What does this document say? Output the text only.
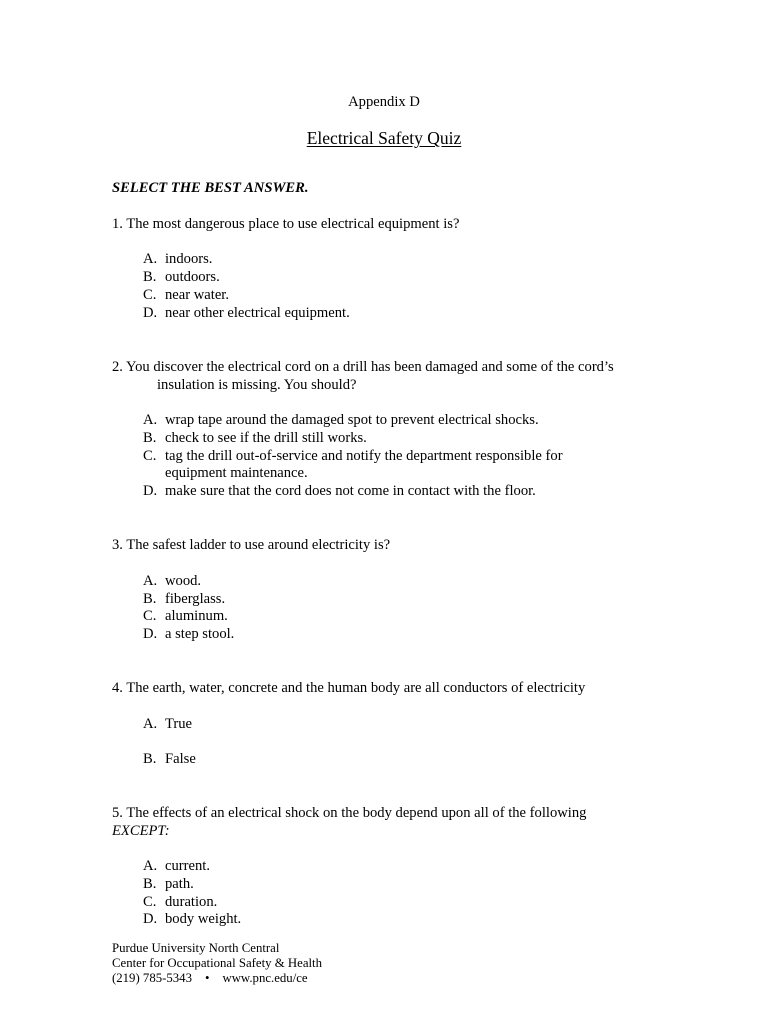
Appendix D
Electrical Safety Quiz
SELECT THE BEST ANSWER.
1. The most dangerous place to use electrical equipment is?
A. indoors.
B. outdoors.
C. near water.
D. near other electrical equipment.
2. You discover the electrical cord on a drill has been damaged and some of the cord’s
insulation is missing. You should?
A. wrap tape around the damaged spot to prevent electrical shocks.
B. check to see if the drill still works.
C. tag the drill out-of-service and notify the department responsible for
equipment maintenance.
D. make sure that the cord does not come in contact with the floor.
3. The safest ladder to use around electricity is?
A. wood.
B. fiberglass.
C. aluminum.
D. a step stool.
4. The earth, water, concrete and the human body are all conductors of electricity
A. True
B. False
5. The effects of an electrical shock on the body depend upon all of the following
EXCEPT:
A. current.
B. path.
C. duration.
D. body weight.
Purdue University North Central
Center for Occupational Safety & Health
(219) 785-5343 • www.pnc.edu/ce
